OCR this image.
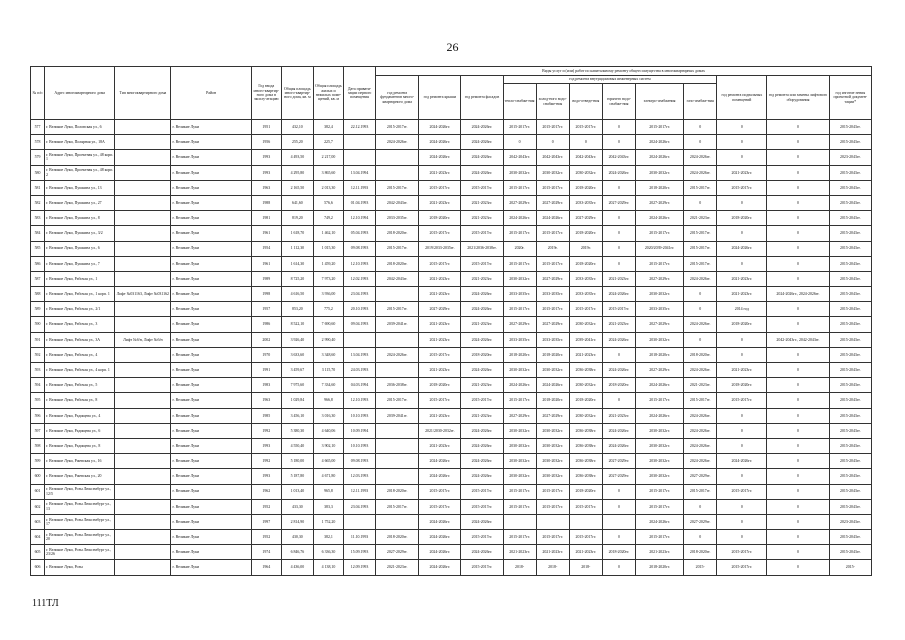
26
№ п/п	Адрес многоквартирного дома	Тип многоквартирного дома	Район	Год ввода много-квартир-ного дома в эксплу-атацию	Общая площадь много-квартир-ного дома, кв. м	Общая площадь жилых и нежилых поме-щений, кв. м	Дата привати-зации первого помещения	Виды услуг и (или) работ по капитальному ремонту общего имущества в многоквартирных домах											
								год ремонта фундаментов много-квартирного дома	год ремонта крыши	год ремонта фасадов	год ремонта внутридомовых инженерных систем						год ремонта подвальных помещений	год ремонта или замены лифтового оборудования	год изготов-ления проектной докумен-тации*
											тепло-снабже-ния	холод-ного водо-снабже-ния	водо-отведе-ния	горячего водо-снабже-ния	электро-снабжения	газо-снабже-ния			
577	г. Великие Луки, Половская ул., 6		г. Великие Луки	1951	432,10	382,4	22.12.1993	2015-2017гг.	2024-2026гг.	2024-2026гг.	2015-2017гг.	2015-2017гг.	2015-2017гг.	0	2015-2017гг.	0	0	0	2015-2043гг.
578	г. Великие Луки, Полярная ул., 18А		г. Великие Луки	1956	255,20	225,7		2024-2026гг.	2024-2026гг.	2024-2026гг.	0	0	0	0	2024-2026гг.	0	0	0	2015-2043гг.
579	г. Великие Луки, Проектная ул., 48 корп. 1		г. Великие Луки	1993	4 493,50	2 217,00			2024-2026гг.	2024-2026гг.	2042-2043гг.	2042-2043гг.	2042-2043гг.	2042-2043гг.	2024-2026гг.	2024-2026гг.	0	0	2023-2043гг.
580	г. Великие Луки, Проектная ул., 48 корп. 2		г. Великие Луки	1993	4 295,80	3 865,60	13.04.1994		2021-2023гг.	2024-2026гг.	2030-2032гг.	2030-2032гг.	2030-2032гг.	2024-2026гг.	2030-2032гг.	2024-2026гг.	2021-2023гг.	0	2015-2043гг.
581	г. Великие Луки, Пушкина ул., 13		г. Великие Луки	1963	2 165,50	2 013,30	12.11.1993	2015-2017гг.	2015-2017гг.	2015-2017гг.	2015-2017гг.	2015-2017гг.	2018-2020гг.	0	2018-2020гг.	2015-2017гг.	2015-2017гг.	0	2015-2043гг.
582	г. Великие Луки, Пушкина ул., 27		г. Великие Луки	1988	641,60	576,6	01.04.1993	2042-2043гг.	2021-2023гг.	2021-2023гг.	2027-2029гг.	2027-2029гг.	2033-2035гг.	2027-2029гг.	2027-2029гг.	0	0	0	2015-2043гг.
583	г. Великие Луки, Пушкина ул., 8		г. Великие Луки	1981	819,20	749,2	12.10.1994	2033-2035гг.	2018-2020гг.	2021-2023гг.	2024-2026гг.	2024-2026гг.	2027-2029гг.	0	2024-2026гг.	2021-2023гг.	2018-2020гг.	0	2015-2043гг.
584	г. Великие Луки, Пушкина ул., 3/2		г. Великие Луки	1961	1 618,70	1 462,10	05.04.1993	2018-2020гг.	2015-2017гг.	2015-2017гг.	2015-2017гг.	2015-2017гг.	2018-2020гг.	0	2015-2017гг.	2015-2017гг.	0	0	2015-2043гг.
585	г. Великие Луки, Пушкина ул., 6		г. Великие Луки	1954	1 112,30	1 015,30	09.08.1993	2015-2017гг.	2019/2033-2035гг.	2021/2036-2038гг.	2020г.	2019г.	2019г.	0	2020/2039-2041гг.	2015-2017гг.	2024-2026гг.	0	2015-2043гг.
586	г. Великие Луки, Пушкина ул., 7		г. Великие Луки	1961	1 614,30	1 459,20	12.10.1993	2018-2020гг.	2015-2017гг.	2015-2017гг.	2015-2017гг.	2015-2017гг.	2018-2020гг.	0	2015-2017гг.	2015-2017гг.	0	0	2015-2043гг.
587	г. Великие Луки, Рабочая ул., 1		г. Великие Луки	1989	8 725,20	7 973,20	12.02.1993	2042-2043гг.	2021-2023гг.	2021-2023гг.	2030-2032гг.	2027-2029гг.	2033-2035гг.	2021-2023гг.	2027-2029гг.	2024-2026гг.	2021-2023гг.	0	2015-2043гг.
588	г. Великие Луки, Рабочая ул., 1 корп. 1	Лифт №031163, Лифт №031162	г. Великие Луки	1998	4 616,50	3 936,00	23.04.1993		2021-2023гг.	2024-2026гг.	2033-2035гг.	2033-2035гг.	2033-2035гг.	2024-2026гг.	2030-2032гг.	0	2021-2023гг.	2024-2026гг., 2024-2026гг.	2015-2043гг.
589	г. Великие Луки, Рабочая ул., 2/1		г. Великие Луки	1957	853,20	775,2	20.10.1993	2015-2017гг.	2027-2029гг.	2024-2026гг.	2015-2017гг.	2015-2017гг.	2015-2017гг.	2015-2017гг.	2033-2035гг.	0	2014 год	0	2015-2043гг.
590	г. Великие Луки, Рабочая ул., 3		г. Великие Луки	1986	8 522,10	7 690,60	09.04.1993	2039-2041гг.	2021-2023гг.	2021-2023гг.	2027-2029гг.	2027-2029гг.	2030-2032гг.	2021-2023гг.	2027-2029гг.	2024-2026гг.	2018-2020гг.	0	2015-2043гг.
591	г. Великие Луки, Рабочая ул., 3А	Лифт №б/н, Лифт №б/н	г. Великие Луки	2002	3 926,40	2 990,40			2021-2023гг.	2024-2026гг.	2033-2035гг.	2033-2035гг.	2039-2041гг.	2024-2026гг.	2030-2032гг.	0	0	2042-2043гг., 2042-2043гг.	2015-2043гг.
592	г. Великие Луки, Рабочая ул., 4		г. Великие Луки	1970	3 633,60	3 348,60	13.04.1993	2024-2026гг.	2015-2017гг.	2018-2020гг.	2018-2020гг.	2018-2020гг.	2021-2023гг.	0	2018-2020гг.	2018-2020гг.	0	0	2015-2043гг.
593	г. Великие Луки, Рабочая ул., 4 корп. 1		г. Великие Луки	1991	3 459,67	3 115,70	24.03.1993		2021-2023гг.	2024-2026гг.	2030-2032гг.	2030-2032гг.	2036-2038гг.	2024-2026гг.	2027-2029гг.	2024-2026гг.	2021-2023гг.	0	2015-2043гг.
594	г. Великие Луки, Рабочая ул., 5		г. Великие Луки	1983	7 975,60	7 334,60	04.03.1994	2036-2038гг.	2018-2020гг.	2021-2023гг.	2024-2026гг.	2024-2026гг.	2030-2032гг.	2018-2020гг.	2024-2026гг.	2021-2023гг.	2018-2020гг.	0	2015-2043гг.
595	г. Великие Луки, Рабочая ул., 8		г. Великие Луки	1963	1 029,84	966,8	12.10.1993	2015-2017гг.	2015-2017гг.	2015-2017гг.	2015-2017гг.	2018-2020гг.	2018-2020гг.	0	2015-2017гг.	2015-2017гг.	2015-2017гг.	0	2015-2043гг.
596	г. Великие Луки, Радищева ул., 4		г. Великие Луки	1985	3 456,10	3 016,30	10.10.1993	2039-2041гг.	2021-2023гг.	2021-2023гг.	2027-2029гг.	2027-2029гг.	2030-2032гг.	2021-2023гг.	2024-2026гг.	2024-2026гг.	0	0	2015-2043гг.
597	г. Великие Луки, Радищева ул., 6		г. Великие Луки	1992	5 380,30	4 640,06	10.09.1994		2021/2030-2032гг.	2024-2026гг.	2030-2032гг.	2030-2032гг.	2036-2038гг.	2024-2026гг.	2030-2032гг.	2024-2026гг.	0	0	2015-2043гг.
598	г. Великие Луки, Радищева ул., 8		г. Великие Луки	1993	4 550,40	3 902,10	10.10.1993		2021-2023гг.	2024-2026гг.	2030-2032гг.	2030-2032гг.	2036-2038гг.	2024-2026гг.	2030-2032гг.	2024-2026гг.	0	0	2015-2043гг.
599	г. Великие Луки, Ржевская ул., 16		г. Великие Луки	1992	5 180,00	4 665,00	09.08.1993		2024-2026гг.	2024-2026гг.	2030-2032гг.	2030-2032гг.	2036-2038гг.	2027-2029гг.	2030-2032гг.	2024-2026гг.	2024-2026гг.	0	2015-2043гг.
600	г. Великие Луки, Ржевская ул., 20		г. Великие Луки	1993	5 187,80	4 671,80	12.03.1993		2024-2026гг.	2024-2026гг.	2030-2032гг.	2030-2032гг.	2036-2038гг.	2027-2029гг.	2030-2032гг.	2027-2029гг.	0	0	2015-2043гг.
601	г. Великие Луки, Розы Люксембург ул., 12/5		г. Великие Луки	1962	1 013,40	965,8	12.11.1993	2018-2020гг.	2015-2017гг.	2015-2017гг.	2015-2017гг.	2015-2017гг.	2018-2020гг.	0	2015-2017гг.	2015-2017гг.	2015-2017гг.	0	2015-2043гг.
602	г. Великие Луки, Розы Люксембург ул., 13		г. Великие Луки	1952	433,30	383,3	23.04.1993	2015-2017гг.	2015-2017гг.	2015-2017гг.	2015-2017гг.	2015-2017гг.	2015-2017гг.	0	2015-2017гг.	0	0	0	2015-2043гг.
603	г. Великие Луки, Розы Люксембург ул., 17		г. Великие Луки	1997	2 814,90	1 752,20			2024-2026гг.	2024-2026гг.					2024-2026гг.	2027-2029гг.	0	0	2023-2043гг.
604	г. Великие Луки, Розы Люксембург ул., 20		г. Великие Луки	1952	430,30	382,1	11.10.1993	2018-2020гг.	2024-2026гг.	2015-2017гг.	2015-2017гг.	2015-2017гг.	2015-2017гг.	0	2015-2017гг.	0	0	0	2015-2043гг.
605	г. Великие Луки, Розы Люксембург ул., 23/26		г. Великие Луки	1974	6 846,76	6 336,30	15.09.1993	2027-2029гг.	2024-2026гг.	2024-2026гг.	2021-2023гг.	2021-2023гг.	2021-2023гг.	2018-2020гг.	2021-2023гг.	2018-2020гг.	2015-2017гг.	0	2015-2043гг.
606	г. Великие Луки, Розы		г. Великие Луки	1964	4 436,00	4 138,10	12.09.1993	2021-2023гг.	2024-2026гг.	2015-2017гг.	2018-	2018-	2018-	0	2018-2020гг.	2015-	2015-2017гг.	0	2015-
111ТЛ
